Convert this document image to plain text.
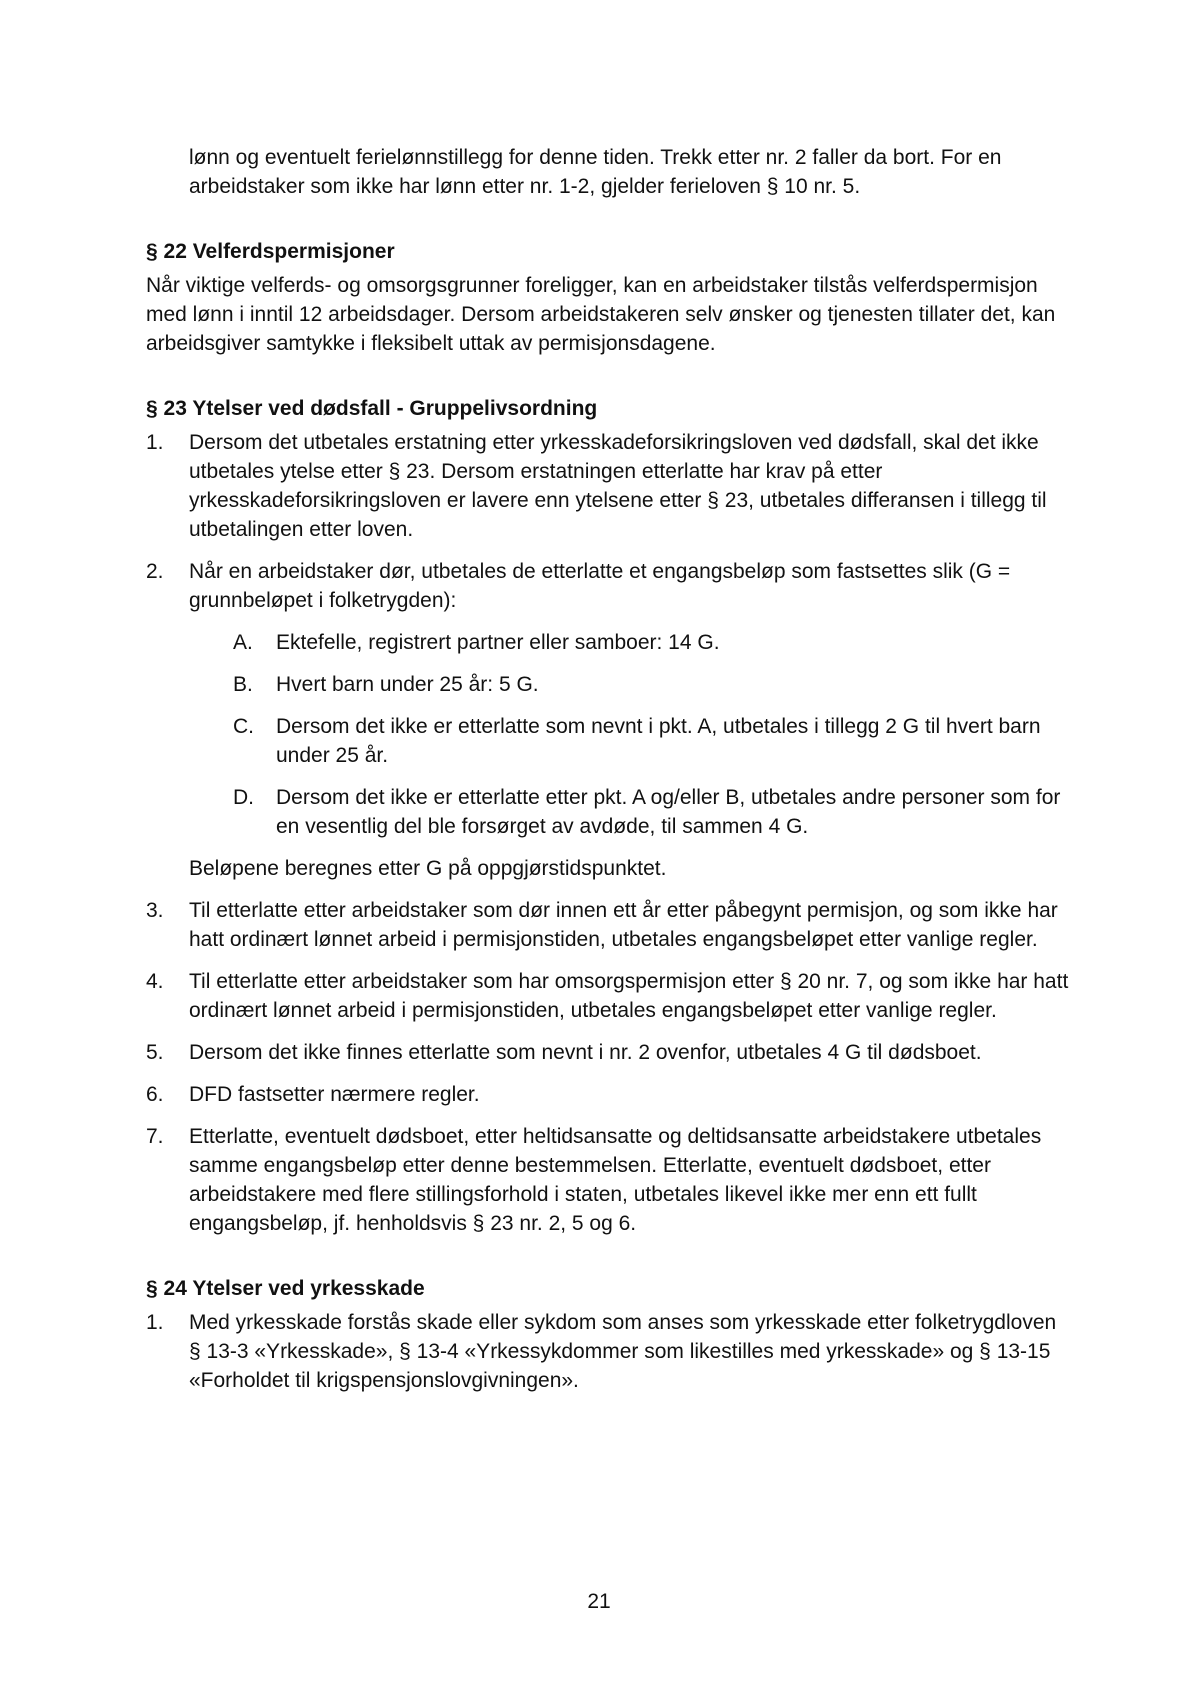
lønn og eventuelt ferielønnstillegg for denne tiden. Trekk etter nr. 2 faller da bort. For en arbeidstaker som ikke har lønn etter nr. 1-2, gjelder ferieloven § 10 nr. 5.

§ 22 Velferdspermisjoner

Når viktige velferds- og omsorgsgrunner foreligger, kan en arbeidstaker tilstås velferdspermisjon med lønn i inntil 12 arbeidsdager. Dersom arbeidstakeren selv ønsker og tjenesten tillater det, kan arbeidsgiver samtykke i fleksibelt uttak av permisjonsdagene.

§ 23 Ytelser ved dødsfall - Gruppelivsordning

1.	Dersom det utbetales erstatning etter yrkesskadeforsikringsloven ved dødsfall, skal det ikke utbetales ytelse etter § 23. Dersom erstatningen etterlatte har krav på etter yrkesskadeforsikringsloven er lavere enn ytelsene etter § 23, utbetales differansen i tillegg til utbetalingen etter loven.
2.	Når en arbeidstaker dør, utbetales de etterlatte et engangsbeløp som fastsettes slik (G = grunnbeløpet i folketrygden):

A.	Ektefelle, registrert partner eller samboer: 14 G.
B.	Hvert barn under 25 år: 5 G.
C.	Dersom det ikke er etterlatte som nevnt i pkt. A, utbetales i tillegg 2 G til hvert barn under 25 år.
D.	Dersom det ikke er etterlatte etter pkt. A og/eller B, utbetales andre personer som for en vesentlig del ble forsørget av avdøde, til sammen 4 G.

Beløpene beregnes etter G på oppgjørstidspunktet.

3.	Til etterlatte etter arbeidstaker som dør innen ett år etter påbegynt permisjon, og som ikke har hatt ordinært lønnet arbeid i permisjonstiden, utbetales engangsbeløpet etter vanlige regler.
4.	Til etterlatte etter arbeidstaker som har omsorgspermisjon etter § 20 nr. 7, og som ikke har hatt ordinært lønnet arbeid i permisjonstiden, utbetales engangsbeløpet etter vanlige regler.
5.	Dersom det ikke finnes etterlatte som nevnt i nr. 2 ovenfor, utbetales 4 G til dødsboet.
6.	DFD fastsetter nærmere regler.
7.	Etterlatte, eventuelt dødsboet, etter heltidsansatte og deltidsansatte arbeidstakere utbetales samme engangsbeløp etter denne bestemmelsen. Etterlatte, eventuelt dødsboet, etter arbeidstakere med flere stillingsforhold i staten, utbetales likevel ikke mer enn ett fullt engangsbeløp, jf. henholdsvis § 23 nr. 2, 5 og 6.

§ 24 Ytelser ved yrkesskade

1.	Med yrkesskade forstås skade eller sykdom som anses som yrkesskade etter folketrygdloven § 13-3 «Yrkesskade», § 13-4 «Yrkessykdommer som likestilles med yrkesskade» og § 13-15 «Forholdet til krigspensjonslovgivningen».
21
